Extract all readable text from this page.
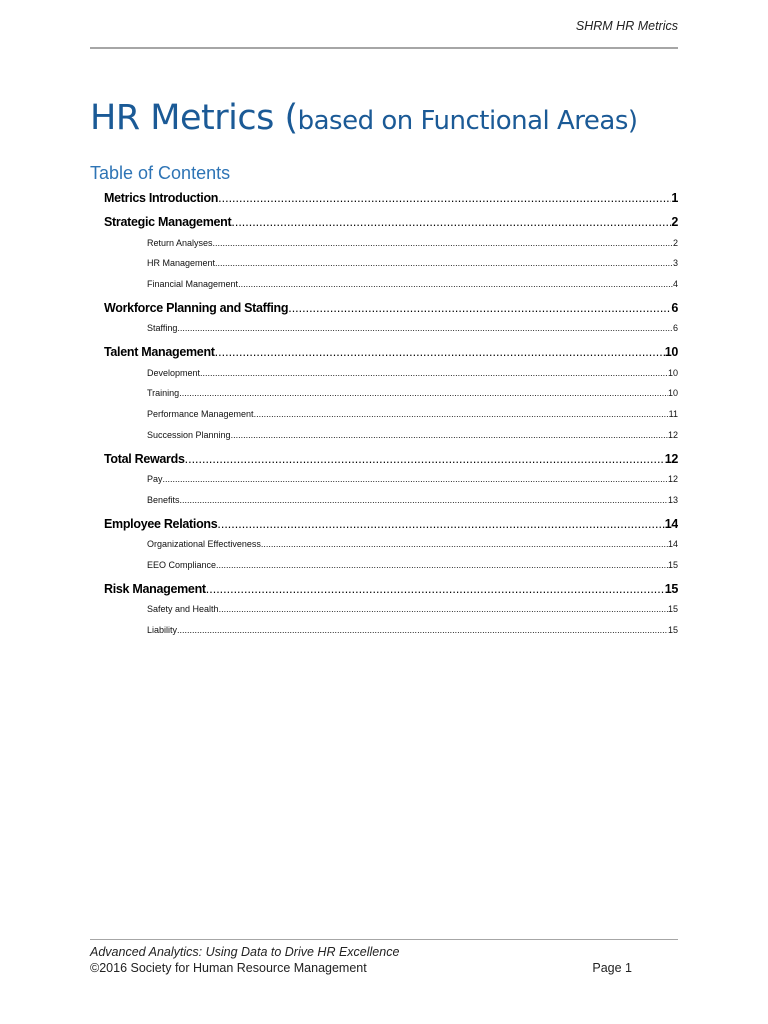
SHRM HR Metrics
HR Metrics (based on Functional Areas)
Table of Contents
Metrics Introduction .....	1
Strategic Management .....	2
Return Analyses .....	2
HR Management .....	3
Financial Management .....	4
Workforce Planning and Staffing .....	6
Staffing .....	6
Talent Management .....	10
Development .....	10
Training .....	10
Performance Management .....	11
Succession Planning .....	12
Total Rewards .....	12
Pay .....	12
Benefits .....	13
Employee Relations .....	14
Organizational Effectiveness .....	14
EEO Compliance .....	15
Risk Management .....	15
Safety and Health .....	15
Liability .....	15
Advanced Analytics: Using Data to Drive HR Excellence
©2016 Society for Human Resource Management	Page 1
